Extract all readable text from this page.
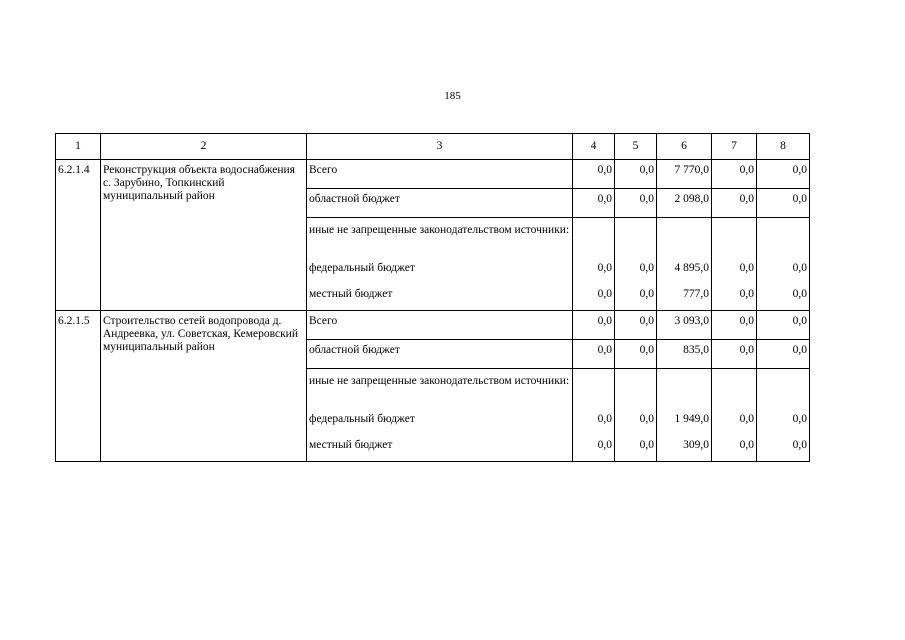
185
1	2	3	4	5	6	7	8
6.2.1.4	Реконструкция объекта водоснабжения с. Зарубино, Топкинский муниципальный район	Всего	0,0	0,0	7 770,0	0,0	0,0
		областной бюджет	0,0	0,0	2 098,0	0,0	0,0
		иные не запрещенные законодательством источники:					
		федеральный бюджет	0,0	0,0	4 895,0	0,0	0,0
		местный бюджет	0,0	0,0	777,0	0,0	0,0
6.2.1.5	Строительство сетей водопровода д. Андреевка, ул. Советская, Кемеровский муниципальный район	Всего	0,0	0,0	3 093,0	0,0	0,0
		областной бюджет	0,0	0,0	835,0	0,0	0,0
		иные не запрещенные законодательством источники:					
		федеральный бюджет	0,0	0,0	1 949,0	0,0	0,0
		местный бюджет	0,0	0,0	309,0	0,0	0,0
